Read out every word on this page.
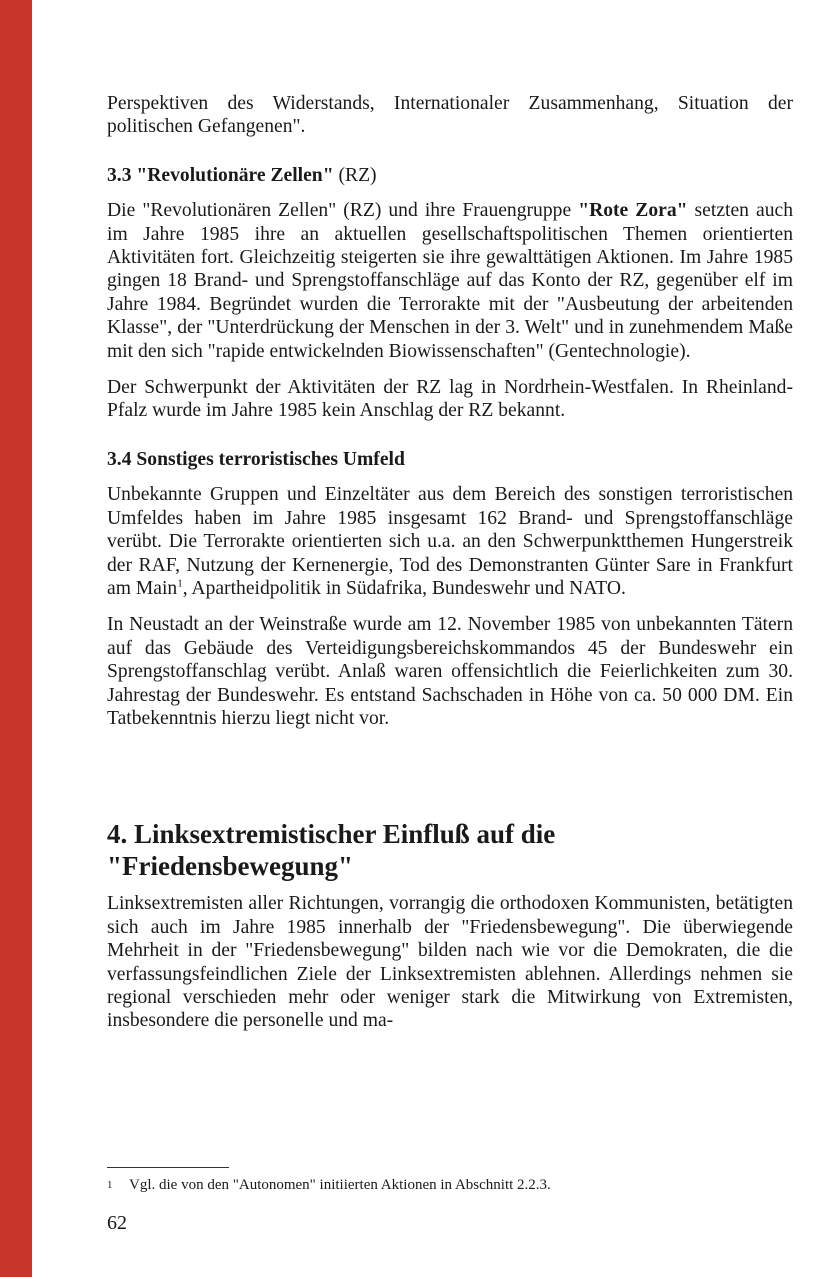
Perspektiven des Widerstands, Internationaler Zusammenhang, Situation der politischen Gefangenen".

3.3 "Revolutionäre Zellen" (RZ)

Die "Revolutionären Zellen" (RZ) und ihre Frauengruppe "Rote Zora" setzten auch im Jahre 1985 ihre an aktuellen gesellschaftspolitischen Themen orientierten Aktivitäten fort. Gleichzeitig steigerten sie ihre gewalttätigen Aktionen. Im Jahre 1985 gingen 18 Brand- und Sprengstoffanschläge auf das Konto der RZ, gegenüber elf im Jahre 1984. Begründet wurden die Terrorakte mit der "Ausbeutung der arbeitenden Klasse", der "Unterdrückung der Menschen in der 3. Welt" und in zunehmendem Maße mit den sich "rapide entwickelnden Biowissenschaften" (Gentechnologie).

Der Schwerpunkt der Aktivitäten der RZ lag in Nordrhein-Westfalen. In Rheinland-Pfalz wurde im Jahre 1985 kein Anschlag der RZ bekannt.

3.4 Sonstiges terroristisches Umfeld

Unbekannte Gruppen und Einzeltäter aus dem Bereich des sonstigen terroristischen Umfeldes haben im Jahre 1985 insgesamt 162 Brand- und Sprengstoffanschläge verübt. Die Terrorakte orientierten sich u.a. an den Schwerpunktthemen Hungerstreik der RAF, Nutzung der Kernenergie, Tod des Demonstranten Günter Sare in Frankfurt am Main$^1$, Apartheidpolitik in Südafrika, Bundeswehr und NATO.

In Neustadt an der Weinstraße wurde am 12. November 1985 von unbekannten Tätern auf das Gebäude des Verteidigungsbereichskommandos 45 der Bundeswehr ein Sprengstoffanschlag verübt. Anlaß waren offensichtlich die Feierlichkeiten zum 30. Jahrestag der Bundeswehr. Es entstand Sachschaden in Höhe von ca. 50 000 DM. Ein Tatbekenntnis hierzu liegt nicht vor.

4. Linksextremistischer Einfluß auf die "Friedensbewegung"

Linksextremisten aller Richtungen, vorrangig die orthodoxen Kommunisten, betätigten sich auch im Jahre 1985 innerhalb der "Friedensbewegung". Die überwiegende Mehrheit in der "Friedensbewegung" bilden nach wie vor die Demokraten, die die verfassungsfeindlichen Ziele der Linksextremisten ablehnen. Allerdings nehmen sie regional verschieden mehr oder weniger stark die Mitwirkung von Extremisten, insbesondere die personelle und ma-

1 Vgl. die von den "Autonomen" initiierten Aktionen in Abschnitt 2.2.3.
62
